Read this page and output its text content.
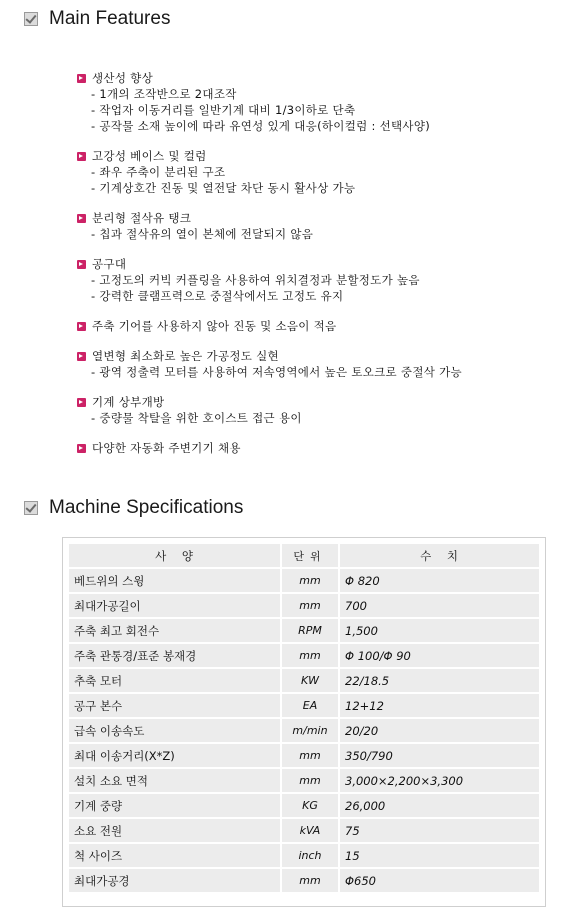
Main Features
생산성 향상
- 1개의 조작반으로 2대조작
- 작업자 이동거리를 일반기계 대비 1/3이하로 단축
- 공작물 소재 높이에 따라 유연성 있게 대응(하이컬럼 : 선택사양)
고강성 베이스 및 컬럼
- 좌우 주축이 분리된 구조
- 기계상호간 진동 및 열전달 차단 동시 활사상 가능
분리형 절삭유 탱크
- 칩과 절삭유의 열이 본체에 전달되지 않음
공구대
- 고정도의 커빅 커플링을 사용하여 위치결정과 분할정도가 높음
- 강력한 클램프력으로 중절삭에서도 고정도 유지
주축 기어를 사용하지 않아 진동 및 소음이 적음
열변형 최소화로 높은 가공정도 실현
- 광역 정출력 모터를 사용하여 저속영역에서 높은 토오크로 중절삭 가능
기계 상부개방
- 중량물 착탈을 위한 호이스트 접근 용이
다양한 자동화 주변기기 채용
Machine Specifications
사 양	단위	수 치
베드위의 스윙	mm	Φ 820
최대가공길이	mm	700
주축 최고 회전수	RPM	1,500
주축 관통경/표준 봉재경	mm	Φ 100/Φ 90
추축 모터	KW	22/18.5
공구 본수	EA	12+12
급속 이송속도	m/min	20/20
최대 이송거리(X*Z)	mm	350/790
설치 소요 면적	mm	3,000×2,200×3,300
기계 중량	KG	26,000
소요 전원	kVA	75
척 사이즈	inch	15
최대가공경	mm	Φ650
